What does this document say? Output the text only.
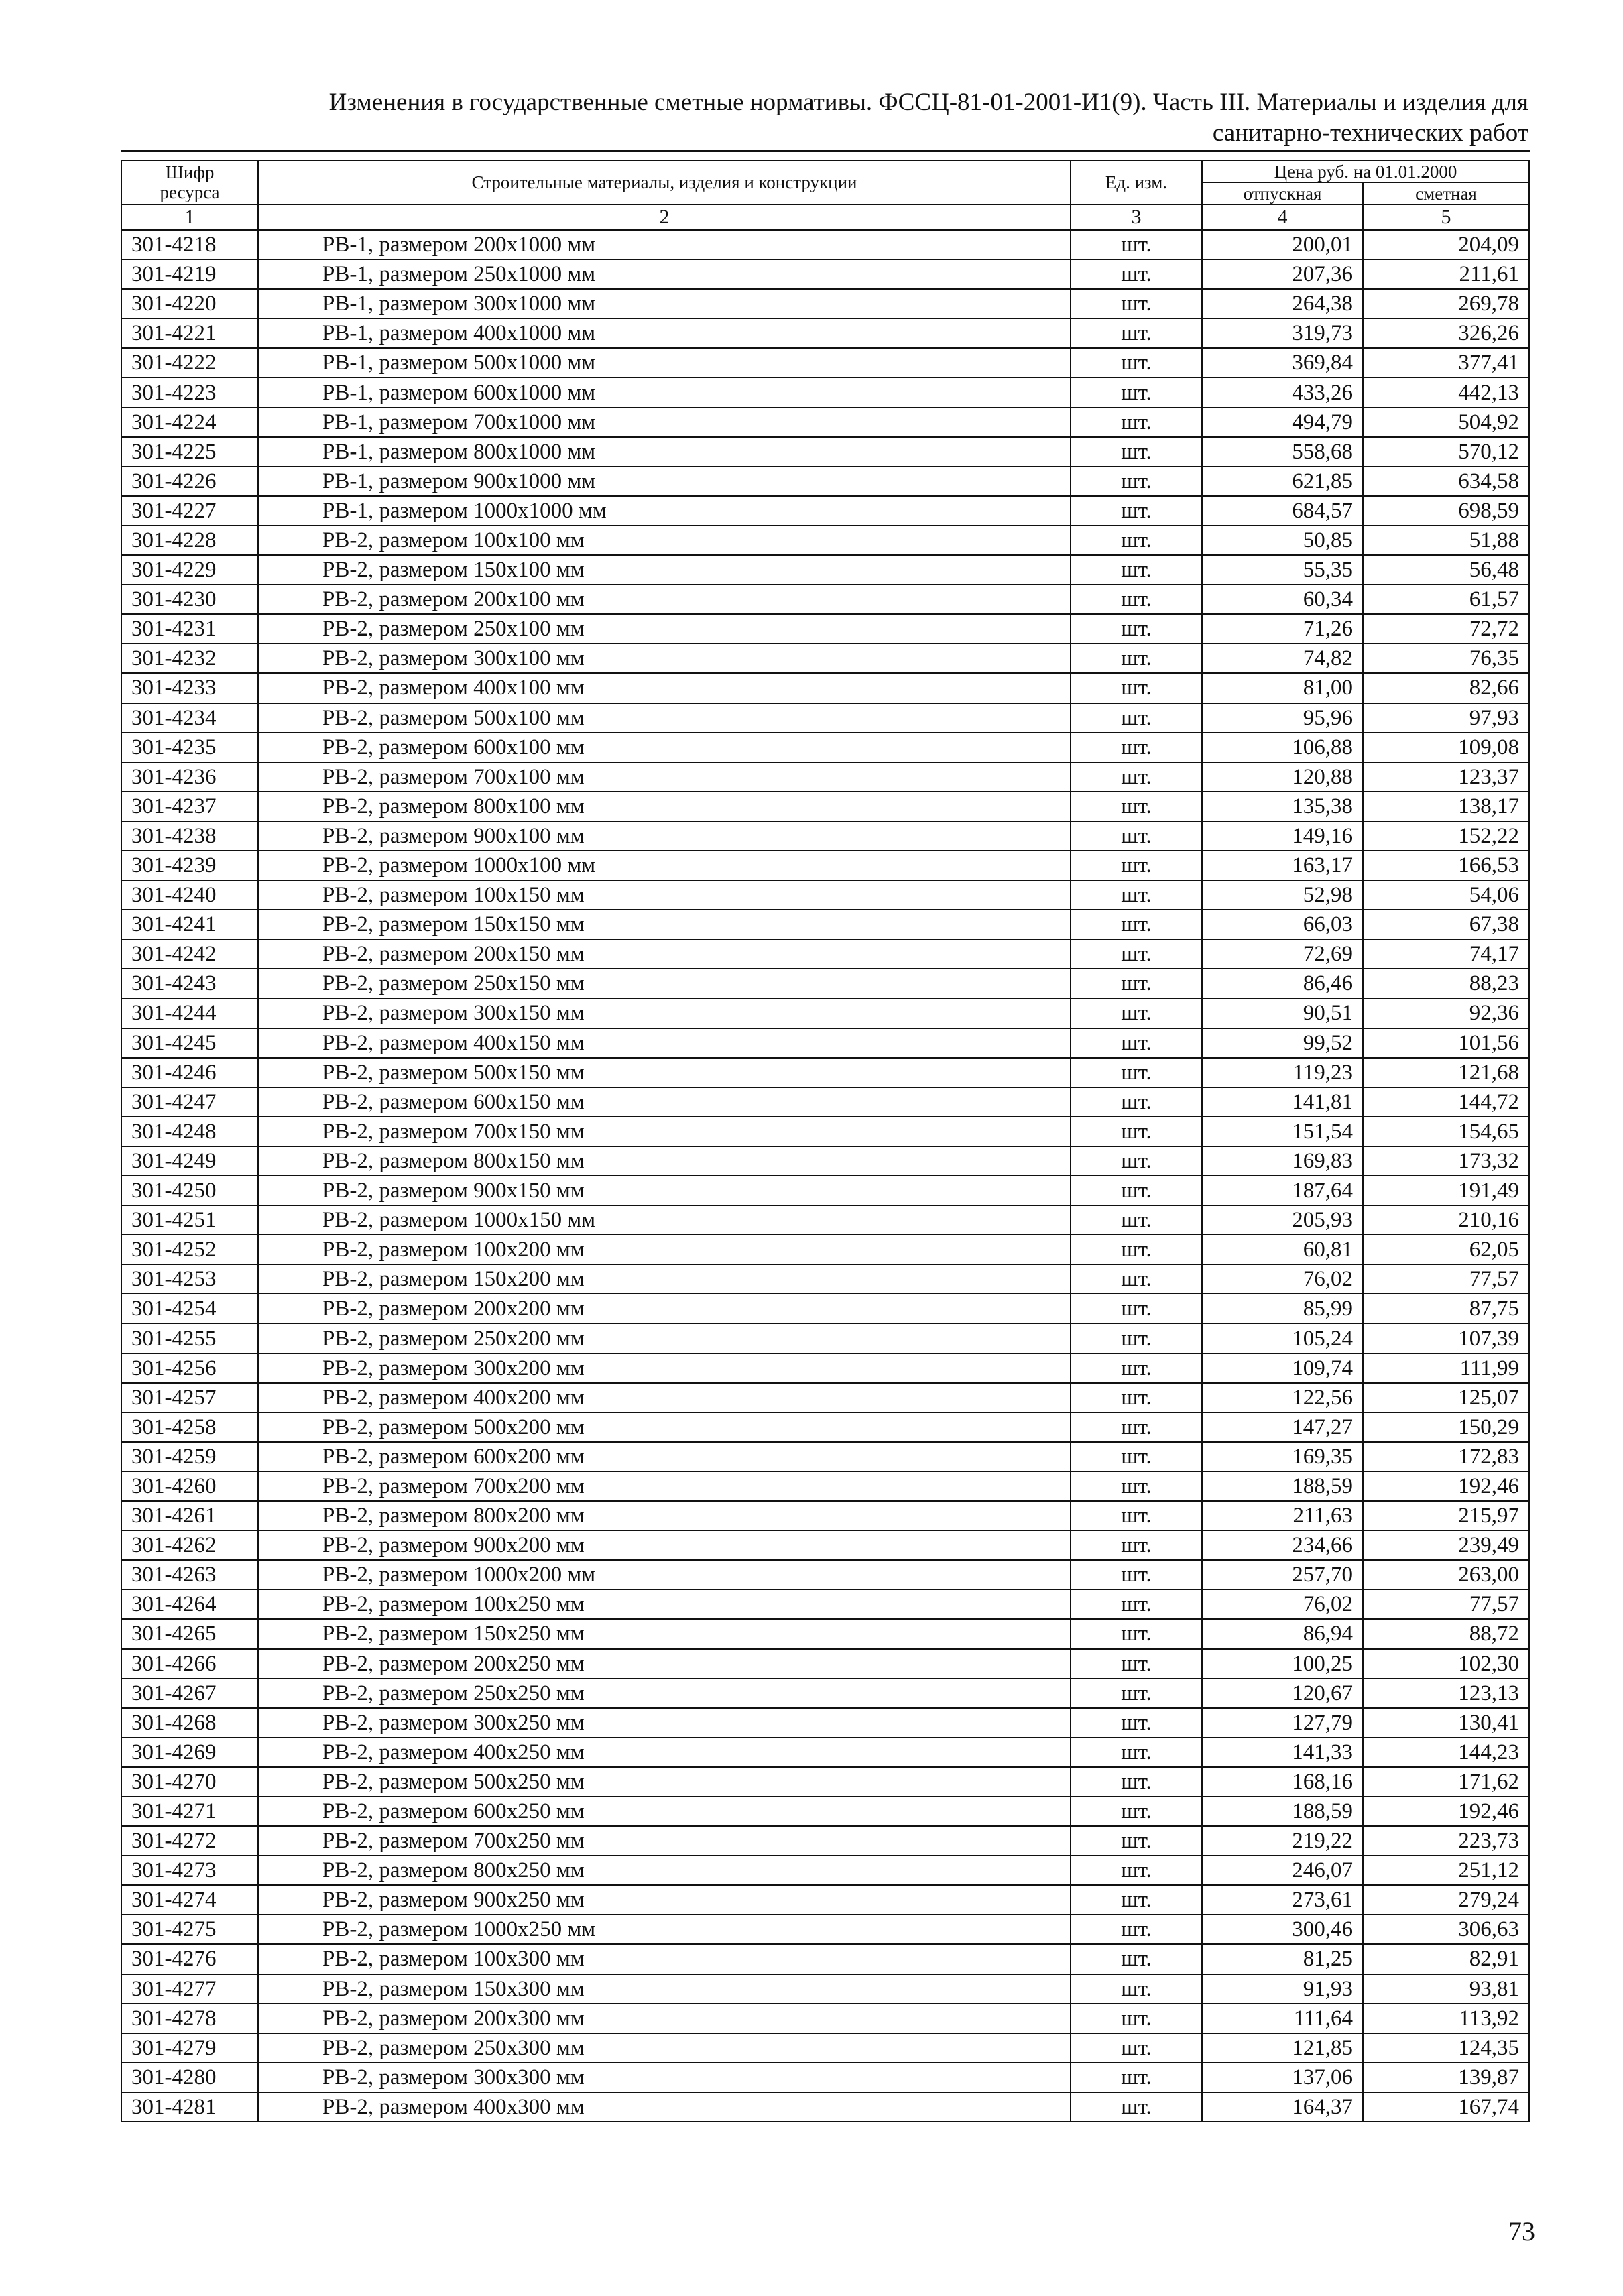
Изменения в государственные сметные нормативы. ФССЦ-81-01-2001-И1(9). Часть III. Материалы и изделия для
санитарно-технических работ
Шифр ресурса	Строительные материалы, изделия и конструкции	Ед. изм.	Цена руб. на 01.01.2000	
			отпускная	сметная
1	2	3	4	5
301-4218	РВ-1, размером 200х1000 мм	шт.	200,01	204,09
301-4219	РВ-1, размером 250х1000 мм	шт.	207,36	211,61
301-4220	РВ-1, размером 300х1000 мм	шт.	264,38	269,78
301-4221	РВ-1, размером 400х1000 мм	шт.	319,73	326,26
301-4222	РВ-1, размером 500х1000 мм	шт.	369,84	377,41
301-4223	РВ-1, размером 600х1000 мм	шт.	433,26	442,13
301-4224	РВ-1, размером 700х1000 мм	шт.	494,79	504,92
301-4225	РВ-1, размером 800х1000 мм	шт.	558,68	570,12
301-4226	РВ-1, размером 900х1000 мм	шт.	621,85	634,58
301-4227	РВ-1, размером 1000х1000 мм	шт.	684,57	698,59
301-4228	РВ-2, размером 100х100 мм	шт.	50,85	51,88
301-4229	РВ-2, размером 150х100 мм	шт.	55,35	56,48
301-4230	РВ-2, размером 200х100 мм	шт.	60,34	61,57
301-4231	РВ-2, размером 250х100 мм	шт.	71,26	72,72
301-4232	РВ-2, размером 300х100 мм	шт.	74,82	76,35
301-4233	РВ-2, размером 400х100 мм	шт.	81,00	82,66
301-4234	РВ-2, размером 500х100 мм	шт.	95,96	97,93
301-4235	РВ-2, размером 600х100 мм	шт.	106,88	109,08
301-4236	РВ-2, размером 700х100 мм	шт.	120,88	123,37
301-4237	РВ-2, размером 800х100 мм	шт.	135,38	138,17
301-4238	РВ-2, размером 900х100 мм	шт.	149,16	152,22
301-4239	РВ-2, размером 1000х100 мм	шт.	163,17	166,53
301-4240	РВ-2, размером 100х150 мм	шт.	52,98	54,06
301-4241	РВ-2, размером 150х150 мм	шт.	66,03	67,38
301-4242	РВ-2, размером 200х150 мм	шт.	72,69	74,17
301-4243	РВ-2, размером 250х150 мм	шт.	86,46	88,23
301-4244	РВ-2, размером 300х150 мм	шт.	90,51	92,36
301-4245	РВ-2, размером 400х150 мм	шт.	99,52	101,56
301-4246	РВ-2, размером 500х150 мм	шт.	119,23	121,68
301-4247	РВ-2, размером 600х150 мм	шт.	141,81	144,72
301-4248	РВ-2, размером 700х150 мм	шт.	151,54	154,65
301-4249	РВ-2, размером 800х150 мм	шт.	169,83	173,32
301-4250	РВ-2, размером 900х150 мм	шт.	187,64	191,49
301-4251	РВ-2, размером 1000х150 мм	шт.	205,93	210,16
301-4252	РВ-2, размером 100х200 мм	шт.	60,81	62,05
301-4253	РВ-2, размером 150х200 мм	шт.	76,02	77,57
301-4254	РВ-2, размером 200х200 мм	шт.	85,99	87,75
301-4255	РВ-2, размером 250х200 мм	шт.	105,24	107,39
301-4256	РВ-2, размером 300х200 мм	шт.	109,74	111,99
301-4257	РВ-2, размером 400х200 мм	шт.	122,56	125,07
301-4258	РВ-2, размером 500х200 мм	шт.	147,27	150,29
301-4259	РВ-2, размером 600х200 мм	шт.	169,35	172,83
301-4260	РВ-2, размером 700х200 мм	шт.	188,59	192,46
301-4261	РВ-2, размером 800х200 мм	шт.	211,63	215,97
301-4262	РВ-2, размером 900х200 мм	шт.	234,66	239,49
301-4263	РВ-2, размером 1000х200 мм	шт.	257,70	263,00
301-4264	РВ-2, размером 100х250 мм	шт.	76,02	77,57
301-4265	РВ-2, размером 150х250 мм	шт.	86,94	88,72
301-4266	РВ-2, размером 200х250 мм	шт.	100,25	102,30
301-4267	РВ-2, размером 250х250 мм	шт.	120,67	123,13
301-4268	РВ-2, размером 300х250 мм	шт.	127,79	130,41
301-4269	РВ-2, размером 400х250 мм	шт.	141,33	144,23
301-4270	РВ-2, размером 500х250 мм	шт.	168,16	171,62
301-4271	РВ-2, размером 600х250 мм	шт.	188,59	192,46
301-4272	РВ-2, размером 700х250 мм	шт.	219,22	223,73
301-4273	РВ-2, размером 800х250 мм	шт.	246,07	251,12
301-4274	РВ-2, размером 900х250 мм	шт.	273,61	279,24
301-4275	РВ-2, размером 1000х250 мм	шт.	300,46	306,63
301-4276	РВ-2, размером 100х300 мм	шт.	81,25	82,91
301-4277	РВ-2, размером 150х300 мм	шт.	91,93	93,81
301-4278	РВ-2, размером 200х300 мм	шт.	111,64	113,92
301-4279	РВ-2, размером 250х300 мм	шт.	121,85	124,35
301-4280	РВ-2, размером 300х300 мм	шт.	137,06	139,87
301-4281	РВ-2, размером 400х300 мм	шт.	164,37	167,74
73
